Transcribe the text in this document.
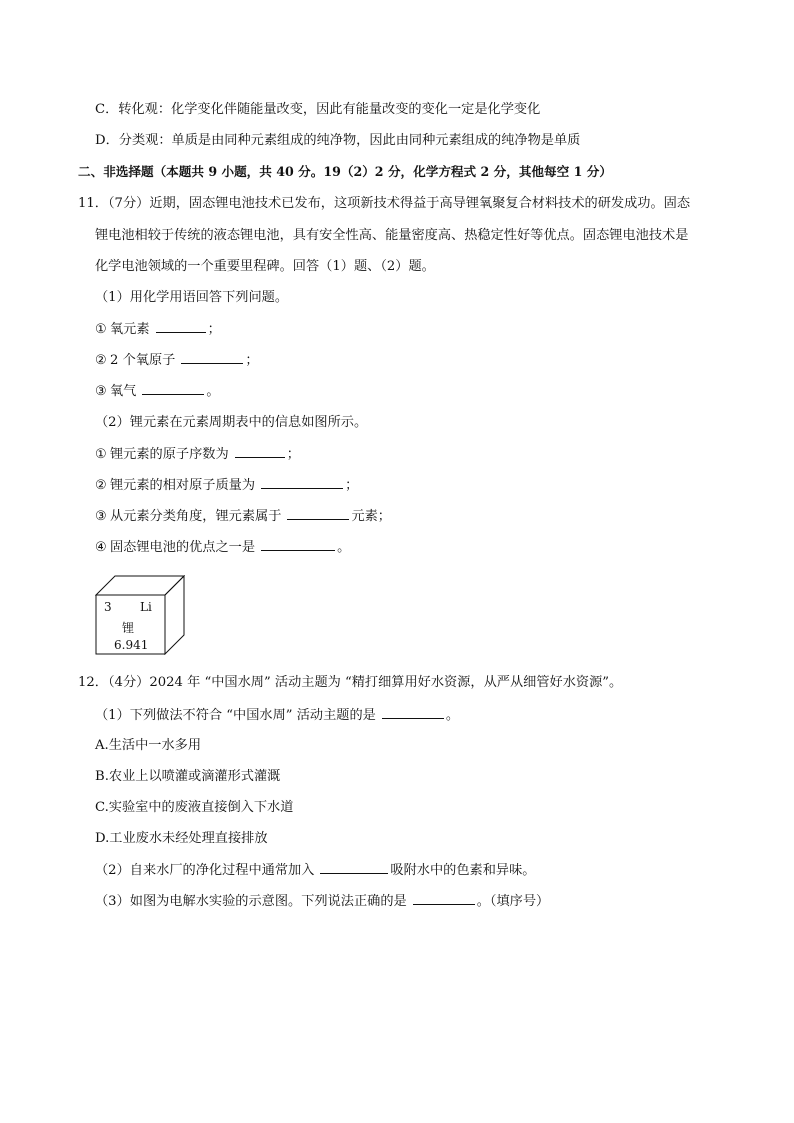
C．转化观：化学变化伴随能量改变，因此有能量改变的变化一定是化学变化
D．分类观：单质是由同种元素组成的纯净物，因此由同种元素组成的纯净物是单质
二、非选择题（本题共 9 小题，共 40 分。19（2）2 分，化学方程式 2 分，其他每空 1 分）
11．（7分）近期，固态锂电池技术已发布，这项新技术得益于高导锂氧聚复合材料技术的研发成功。固态
锂电池相较于传统的液态锂电池，具有安全性高、能量密度高、热稳定性好等优点。固态锂电池技术是
化学电池领域的一个重要里程碑。回答（1）题、（2）题。
（1）用化学用语回答下列问题。
① 氧元素	；
② 2 个氧原子	；
③ 氧气	。
（2）锂元素在元素周期表中的信息如图所示。
① 锂元素的原子序数为	；
② 锂元素的相对原子质量为	；
③ 从元素分类角度，锂元素属于	元素；
④ 固态锂电池的优点之一是	。
3 Li
锂
6.941
12．（4分）2024 年 “中国水周” 活动主题为 “精打细算用好水资源，从严从细管好水资源”。
（1）下列做法不符合 “中国水周” 活动主题的是	。
A.生活中一水多用
B.农业上以喷灌或滴灌形式灌溉
C.实验室中的废液直接倒入下水道
D.工业废水未经处理直接排放
（2）自来水厂的净化过程中通常加入	吸附水中的色素和异味。
（3）如图为电解水实验的示意图。下列说法正确的是	。（填序号）
